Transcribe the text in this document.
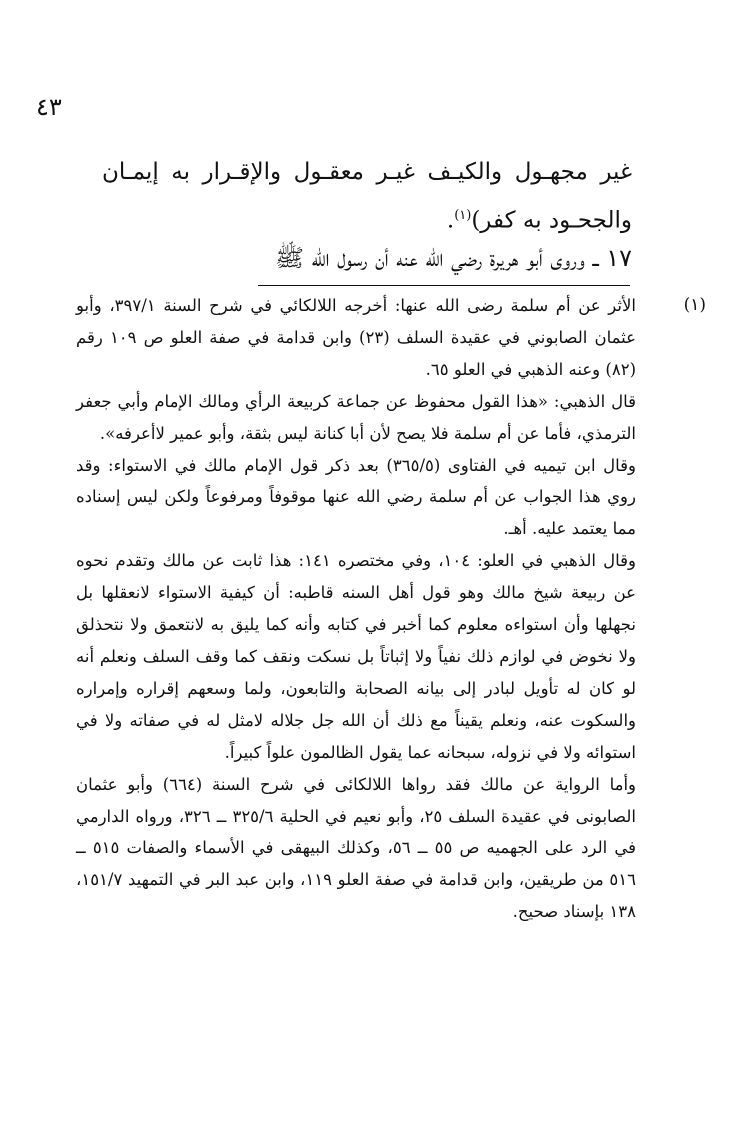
٤٣

غير مجهـول والكيـف غيـر معقـول والإقـرار به إيمـان والجحـود به كفر)$^{(١)}$.

١٧ ــ وروى أبو هريرة رضي الله عنه أن رسول الله ﷺ

(١)
الأثر عن أم سلمة رضى الله عنها: أخرجه اللالكائي في شرح السنة ٣٩٧/١، وأبو عثمان الصابوني في عقيدة السلف (٢٣) وابن قدامة في صفة العلو ص ١٠٩ رقم (٨٢) وعنه الذهبي في العلو ٦٥.

قال الذهبي: «هذا القول محفوظ عن جماعة كربيعة الرأي ومالك الإمام وأبي جعفر الترمذي، فأما عن أم سلمة فلا يصح لأن أبا كنانة ليس بثقة، وأبو عمير لاأعرفه».

وقال ابن تيميه في الفتاوى (٣٦٥/٥) بعد ذكر قول الإمام مالك في الاستواء: وقد روي هذا الجواب عن أم سلمة رضي الله عنها موقوفاً ومرفوعاً ولكن ليس إسناده مما يعتمد عليه. أهـ.

وقال الذهبي في العلو: ١٠٤، وفي مختصره ١٤١: هذا ثابت عن مالك وتقدم نحوه عن ربيعة شيخ مالك وهو قول أهل السنه قاطبه: أن كيفية الاستواء لانعقلها بل نجهلها وأن استواءه معلوم كما أخبر في كتابه وأنه كما يليق به لانتعمق ولا نتحذلق ولا نخوض في لوازم ذلك نفياً ولا إثباتاً بل نسكت ونقف كما وقف السلف ونعلم أنه لو كان له تأويل لبادر إلى بيانه الصحابة والتابعون، ولما وسعهم إقراره وإمراره والسكوت عنه، ونعلم يقيناً مع ذلك أن الله جل جلاله لامثل له في صفاته ولا في استوائه ولا في نزوله، سبحانه عما يقول الظالمون علواً كبيراً.

وأما الرواية عن مالك فقد رواها اللالكائى في شرح السنة (٦٦٤) وأبو عثمان الصابونى في عقيدة السلف ٢٥، وأبو نعيم في الحلية ٣٢٥/٦ ــ ٣٢٦، ورواه الدارمي في الرد على الجهميه ص ٥٥ ــ ٥٦، وكذلك البيهقى في الأسماء والصفات ٥١٥ ــ ٥١٦ من طريقين، وابن قدامة في صفة العلو ١١٩، وابن عبد البر في التمهيد ١٥١/٧، ١٣٨ بإسناد صحيح.
